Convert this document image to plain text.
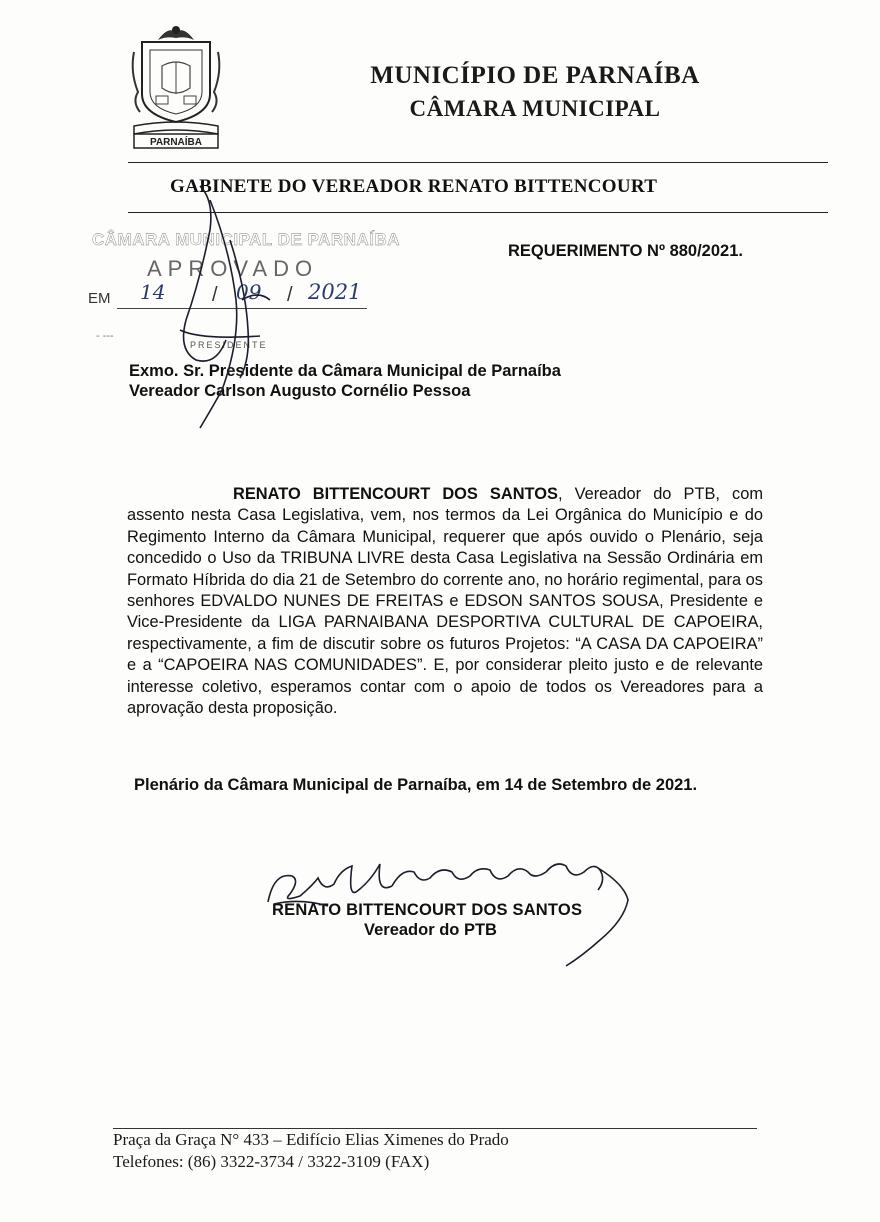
PARNAÍBA
MUNICÍPIO DE PARNAÍBA
CÂMARA MUNICIPAL
GABINETE DO VEREADOR RENATO BITTENCOURT
CÂMARA MUNICIPAL DE PARNAÍBA
APROVADO
EM 14 / 09 / 2021
- ---
PRESIDENTE
REQUERIMENTO Nº 880/2021.
Exmo. Sr. Presidente da Câmara Municipal de Parnaíba
Vereador Carlson Augusto Cornélio Pessoa
RENATO BITTENCOURT DOS SANTOS, Vereador do PTB, com assento nesta Casa Legislativa, vem, nos termos da Lei Orgânica do Município e do Regimento Interno da Câmara Municipal, requerer que após ouvido o Plenário, seja concedido o Uso da TRIBUNA LIVRE desta Casa Legislativa na Sessão Ordinária em Formato Híbrida do dia 21 de Setembro do corrente ano, no horário regimental, para os senhores EDVALDO NUNES DE FREITAS e EDSON SANTOS SOUSA, Presidente e Vice-Presidente da LIGA PARNAIBANA DESPORTIVA CULTURAL DE CAPOEIRA, respectivamente, a fim de discutir sobre os futuros Projetos: “A CASA DA CAPOEIRA” e a “CAPOEIRA NAS COMUNIDADES”. E, por considerar pleito justo e de relevante interesse coletivo, esperamos contar com o apoio de todos os Vereadores para a aprovação desta proposição.
Plenário da Câmara Municipal de Parnaíba, em 14 de Setembro de 2021.
RENATO BITTENCOURT DOS SANTOS
Vereador do PTB
Praça da Graça N° 433 – Edifício Elias Ximenes do Prado
Telefones: (86) 3322-3734 / 3322-3109 (FAX)
